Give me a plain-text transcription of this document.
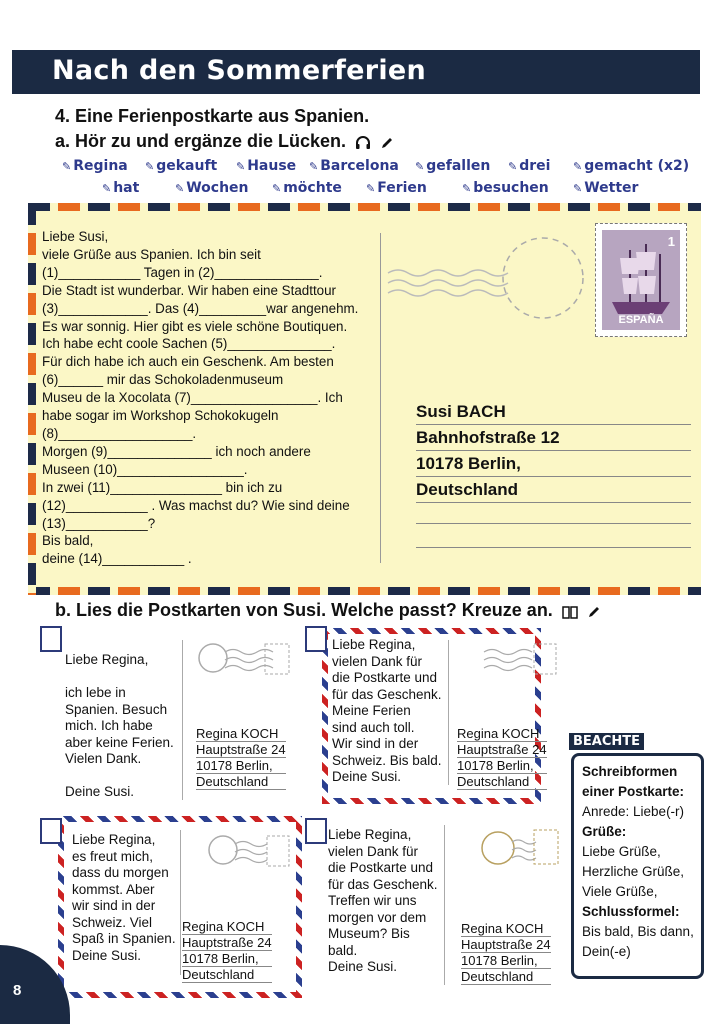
Nach den Sommerferien
4. Eine Ferienpostkarte aus Spanien.
a. Hör zu und ergänze die Lücken.
✎ Regina ✎ gekauft ✎ Hause ✎ Barcelona ✎ gefallen ✎ drei ✎ gemacht (x2)
✎ hat	✎ Wochen ✎ möchte ✎ Ferien	✎ besuchen ✎ Wetter
Liebe Susi,
viele Grüße aus Spanien. Ich bin seit
(1)___________ Tagen in (2)______________.
Die Stadt ist wunderbar. Wir haben eine Stadttour
(3)____________. Das (4)_________war angenehm.
Es war sonnig. Hier gibt es viele schöne Boutiquen.
Ich habe echt coole Sachen (5)______________.
Für dich habe ich auch ein Geschenk. Am besten
(6)______ mir das Schokoladenmuseum
Museu de la Xocolata (7)_________________. Ich
habe sogar im Workshop Schokokugeln
(8)__________________.
Morgen (9)______________ ich noch andere
Museen (10)_________________.
In zwei (11)_______________ bin ich zu
(12)___________ . Was machst du? Wie sind deine
(13)___________?
Bis bald,
deine (14)___________ .
1
ESPAÑA
Susi BACH
Bahnhofstraße 12
10178 Berlin,
Deutschland
b. Lies die Postkarten von Susi. Welche passt? Kreuze an.
Liebe Regina,

ich lebe in
Spanien. Besuch
mich. Ich habe
aber keine Ferien.
Vielen Dank.

Deine Susi.
Regina KOCH
Hauptstraße 24
10178 Berlin,
Deutschland
Liebe Regina,
vielen Dank für
die Postkarte und
für das Geschenk.
Meine Ferien
sind auch toll.
Wir sind in der
Schweiz. Bis bald.
Deine Susi.
Regina KOCH
Hauptstraße 24
10178 Berlin,
Deutschland
Liebe Regina,
es freut mich,
dass du morgen
kommst. Aber
wir sind in der
Schweiz. Viel
Spaß in Spanien.
Deine Susi.
Regina KOCH
Hauptstraße 24
10178 Berlin,
Deutschland
Liebe Regina,
vielen Dank für
die Postkarte und
für das Geschenk.
Treffen wir uns
morgen vor dem
Museum? Bis
bald.
Deine Susi.
Regina KOCH
Hauptstraße 24
10178 Berlin,
Deutschland
BEACHTE
Schreibformen
einer Postkarte:
Anrede: Liebe(-r)
Grüße:
Liebe Grüße,
Herzliche Grüße,
Viele Grüße,
Schlussformel:
Bis bald, Bis dann,
Dein(-e)
8
